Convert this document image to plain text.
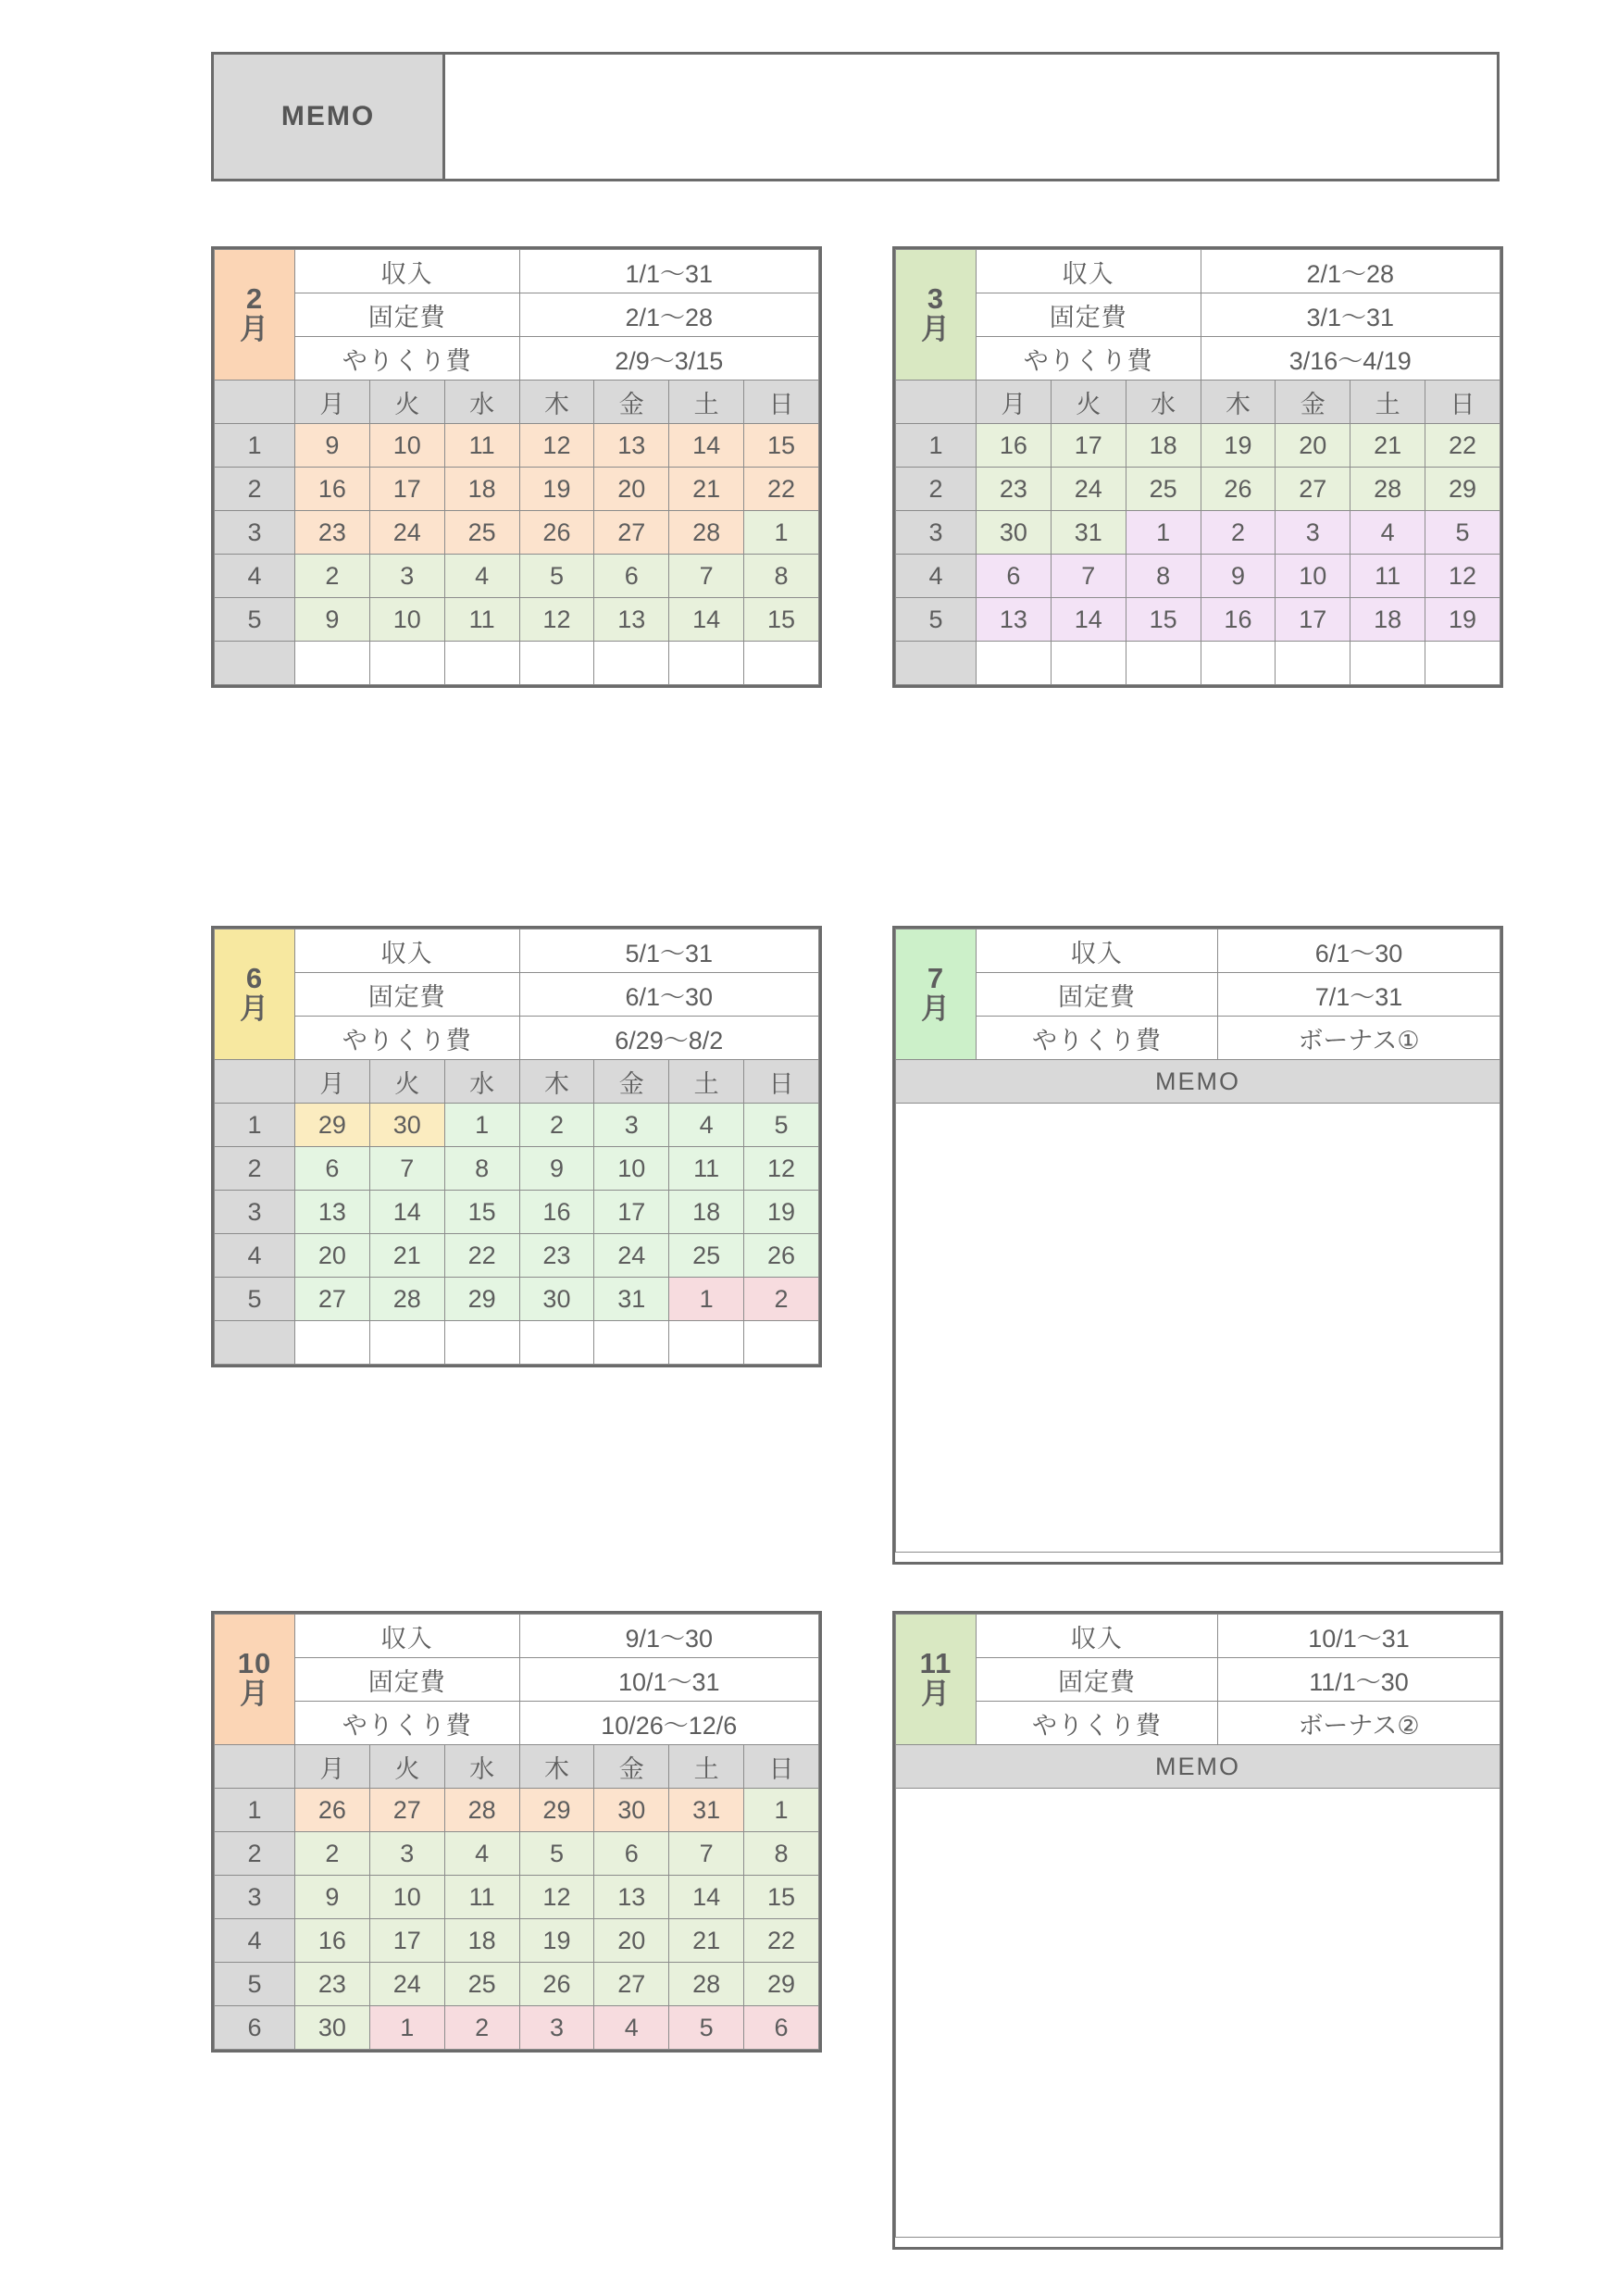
MEMO
2
月	収入			1/1〜31			
	固定費			2/1〜28			
	やりくり費			2/9〜3/15			
	月	火	水	木	金	土	日
1	9	10	11	12	13	14	15
2	16	17	18	19	20	21	22
3	23	24	25	26	27	28	1
4	2	3	4	5	6	7	8
5	9	10	11	12	13	14	15

3
月	収入			2/1〜28			
	固定費			3/1〜31			
	やりくり費			3/16〜4/19			
	月	火	水	木	金	土	日
1	16	17	18	19	20	21	22
2	23	24	25	26	27	28	29
3	30	31	1	2	3	4	5
4	6	7	8	9	10	11	12
5	13	14	15	16	17	18	19

6
月	収入			5/1〜31			
	固定費			6/1〜30			
	やりくり費			6/29〜8/2			
	月	火	水	木	金	土	日
1	29	30	1	2	3	4	5
2	6	7	8	9	10	11	12
3	13	14	15	16	17	18	19
4	20	21	22	23	24	25	26
5	27	28	29	30	31	1	2

7
月	収入	6/1〜30
	固定費	7/1〜31
	やりくり費	ボーナス①
MEMO		
10
月	収入			9/1〜30			
	固定費			10/1〜31			
	やりくり費			10/26〜12/6			
	月	火	水	木	金	土	日
1	26	27	28	29	30	31	1
2	2	3	4	5	6	7	8
3	9	10	11	12	13	14	15
4	16	17	18	19	20	21	22
5	23	24	25	26	27	28	29
6	30	1	2	3	4	5	6
11
月	収入	10/1〜31
	固定費	11/1〜30
	やりくり費	ボーナス②
MEMO		
